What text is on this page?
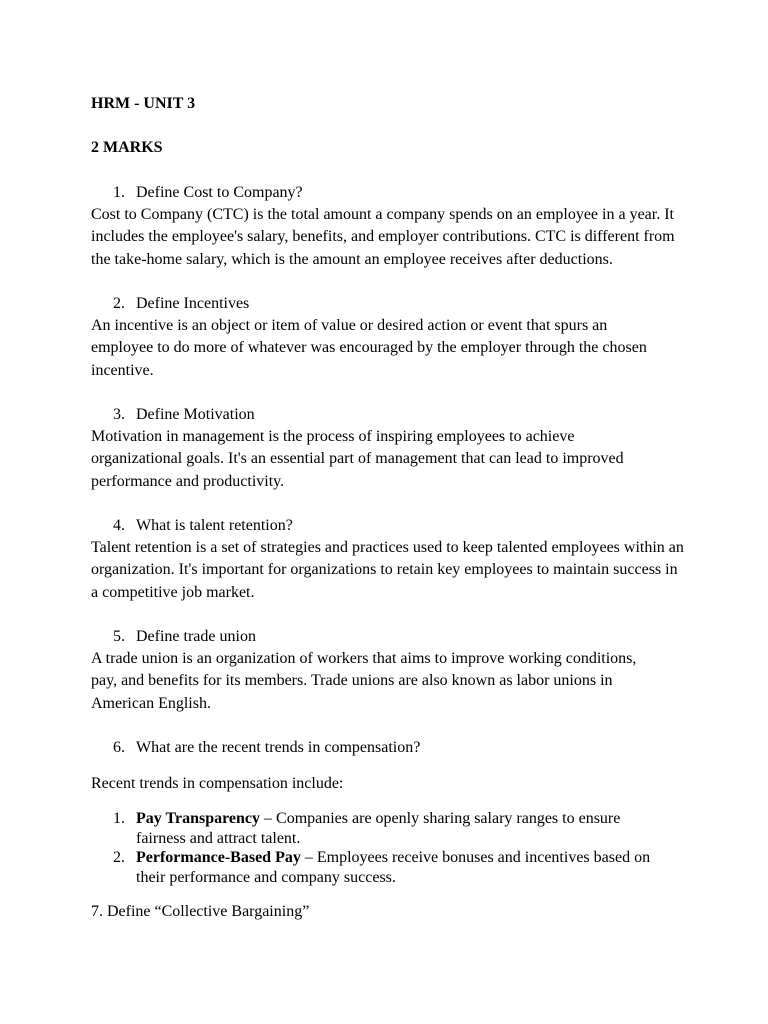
HRM - UNIT 3

2 MARKS

1. Define Cost to Company?

Cost to Company (CTC) is the total amount a company spends on an employee in a year. It includes the employee's salary, benefits, and employer contributions. CTC is different from the take-home salary, which is the amount an employee receives after deductions.

2. Define Incentives

An incentive is an object or item of value or desired action or event that spurs an employee to do more of whatever was encouraged by the employer through the chosen incentive.

3. Define Motivation

Motivation in management is the process of inspiring employees to achieve organizational goals. It's an essential part of management that can lead to improved performance and productivity.

4. What is talent retention?

Talent retention is a set of strategies and practices used to keep talented employees within an organization. It's important for organizations to retain key employees to maintain success in a competitive job market.

5. Define trade union

A trade union is an organization of workers that aims to improve working conditions, pay, and benefits for its members. Trade unions are also known as labor unions in American English.

6. What are the recent trends in compensation?

Recent trends in compensation include:

1. Pay Transparency – Companies are openly sharing salary ranges to ensure fairness and attract talent.
2. Performance-Based Pay – Employees receive bonuses and incentives based on their performance and company success.

7. Define “Collective Bargaining”
